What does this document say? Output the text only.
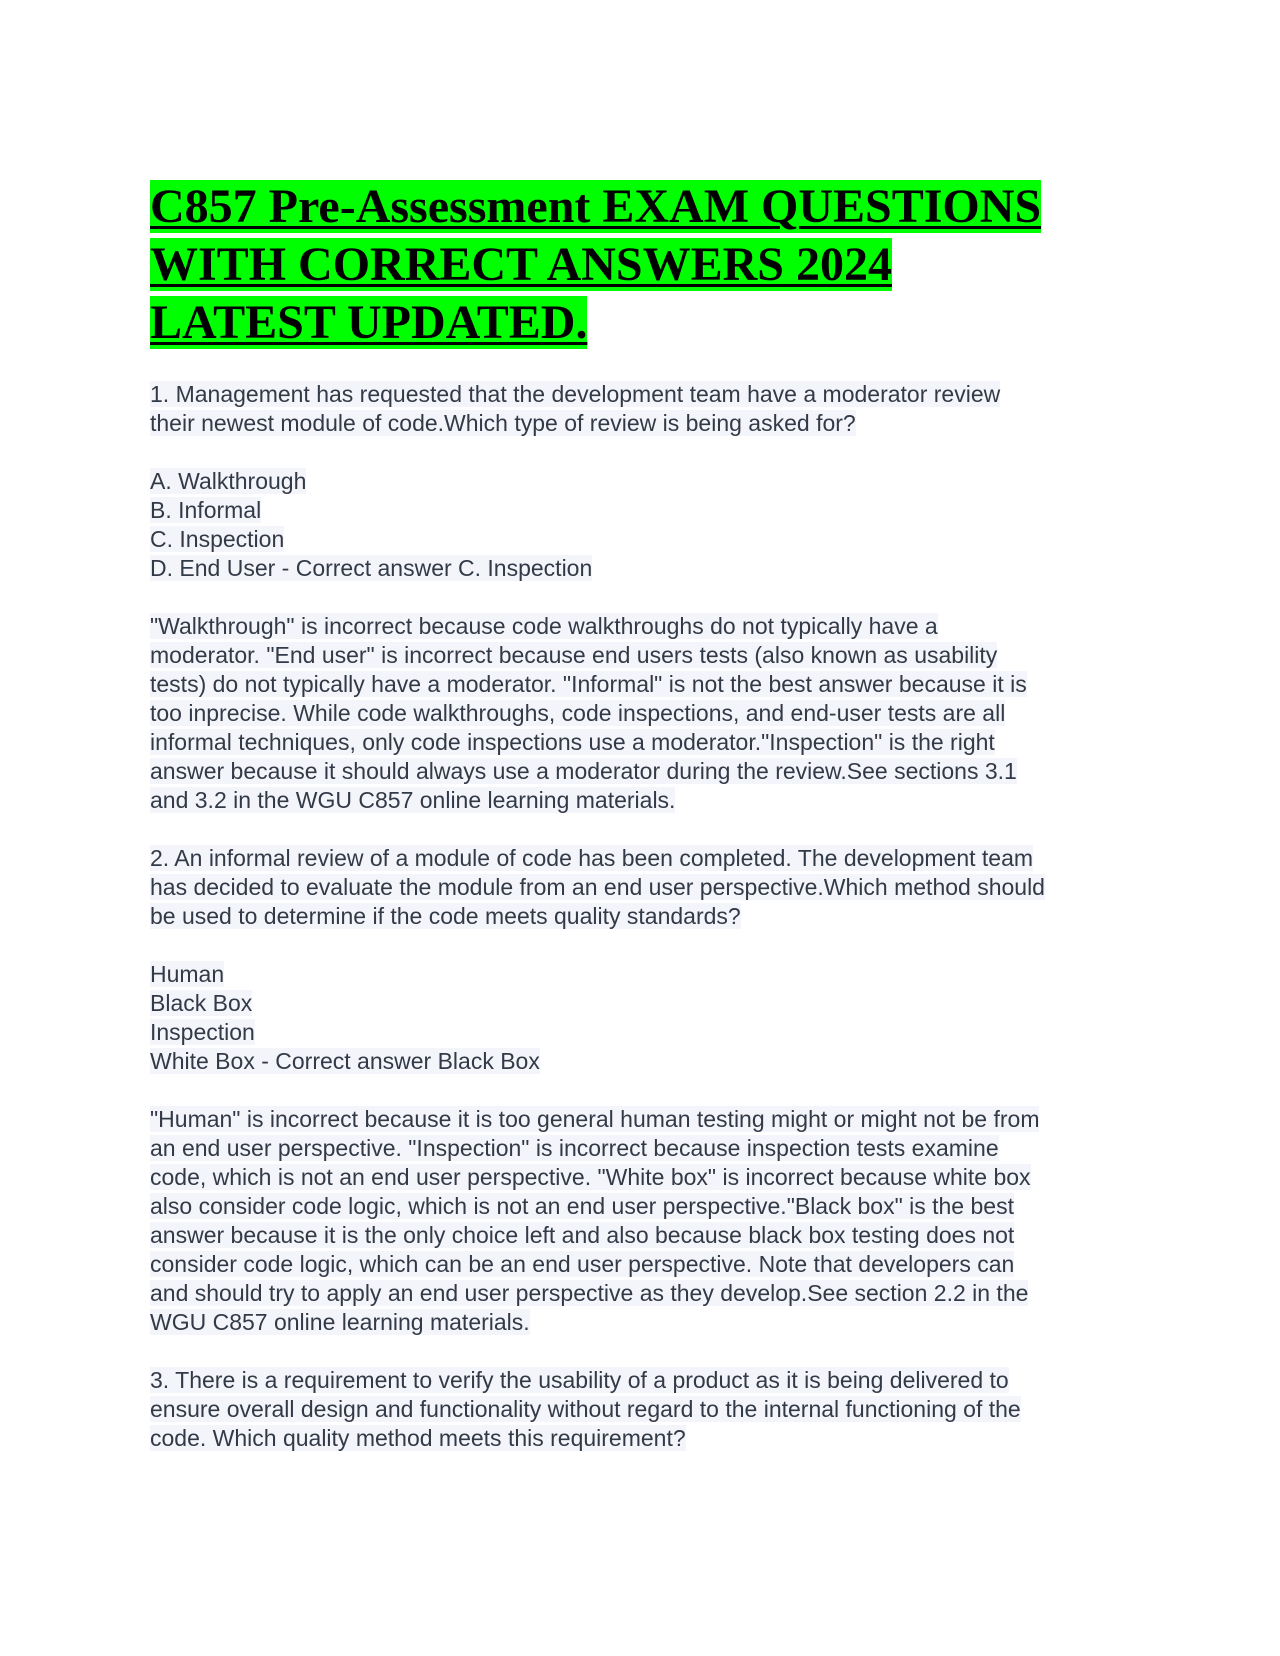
C857 Pre-Assessment EXAM QUESTIONS
WITH CORRECT ANSWERS 2024
LATEST UPDATED.
1. Management has requested that the development team have a moderator review
their newest module of code.Which type of review is being asked for?
A. Walkthrough
B. Informal
C. Inspection
D. End User - Correct answer C. Inspection
"Walkthrough" is incorrect because code walkthroughs do not typically have a
moderator. "End user" is incorrect because end users tests (also known as usability
tests) do not typically have a moderator. "Informal" is not the best answer because it is
too inprecise. While code walkthroughs, code inspections, and end-user tests are all
informal techniques, only code inspections use a moderator."Inspection" is the right
answer because it should always use a moderator during the review.See sections 3.1
and 3.2 in the WGU C857 online learning materials.
2. An informal review of a module of code has been completed. The development team
has decided to evaluate the module from an end user perspective.Which method should
be used to determine if the code meets quality standards?
Human
Black Box
Inspection
White Box - Correct answer Black Box
"Human" is incorrect because it is too general human testing might or might not be from
an end user perspective. "Inspection" is incorrect because inspection tests examine
code, which is not an end user perspective. "White box" is incorrect because white box
also consider code logic, which is not an end user perspective."Black box" is the best
answer because it is the only choice left and also because black box testing does not
consider code logic, which can be an end user perspective. Note that developers can
and should try to apply an end user perspective as they develop.See section 2.2 in the
WGU C857 online learning materials.
3. There is a requirement to verify the usability of a product as it is being delivered to
ensure overall design and functionality without regard to the internal functioning of the
code. Which quality method meets this requirement?
